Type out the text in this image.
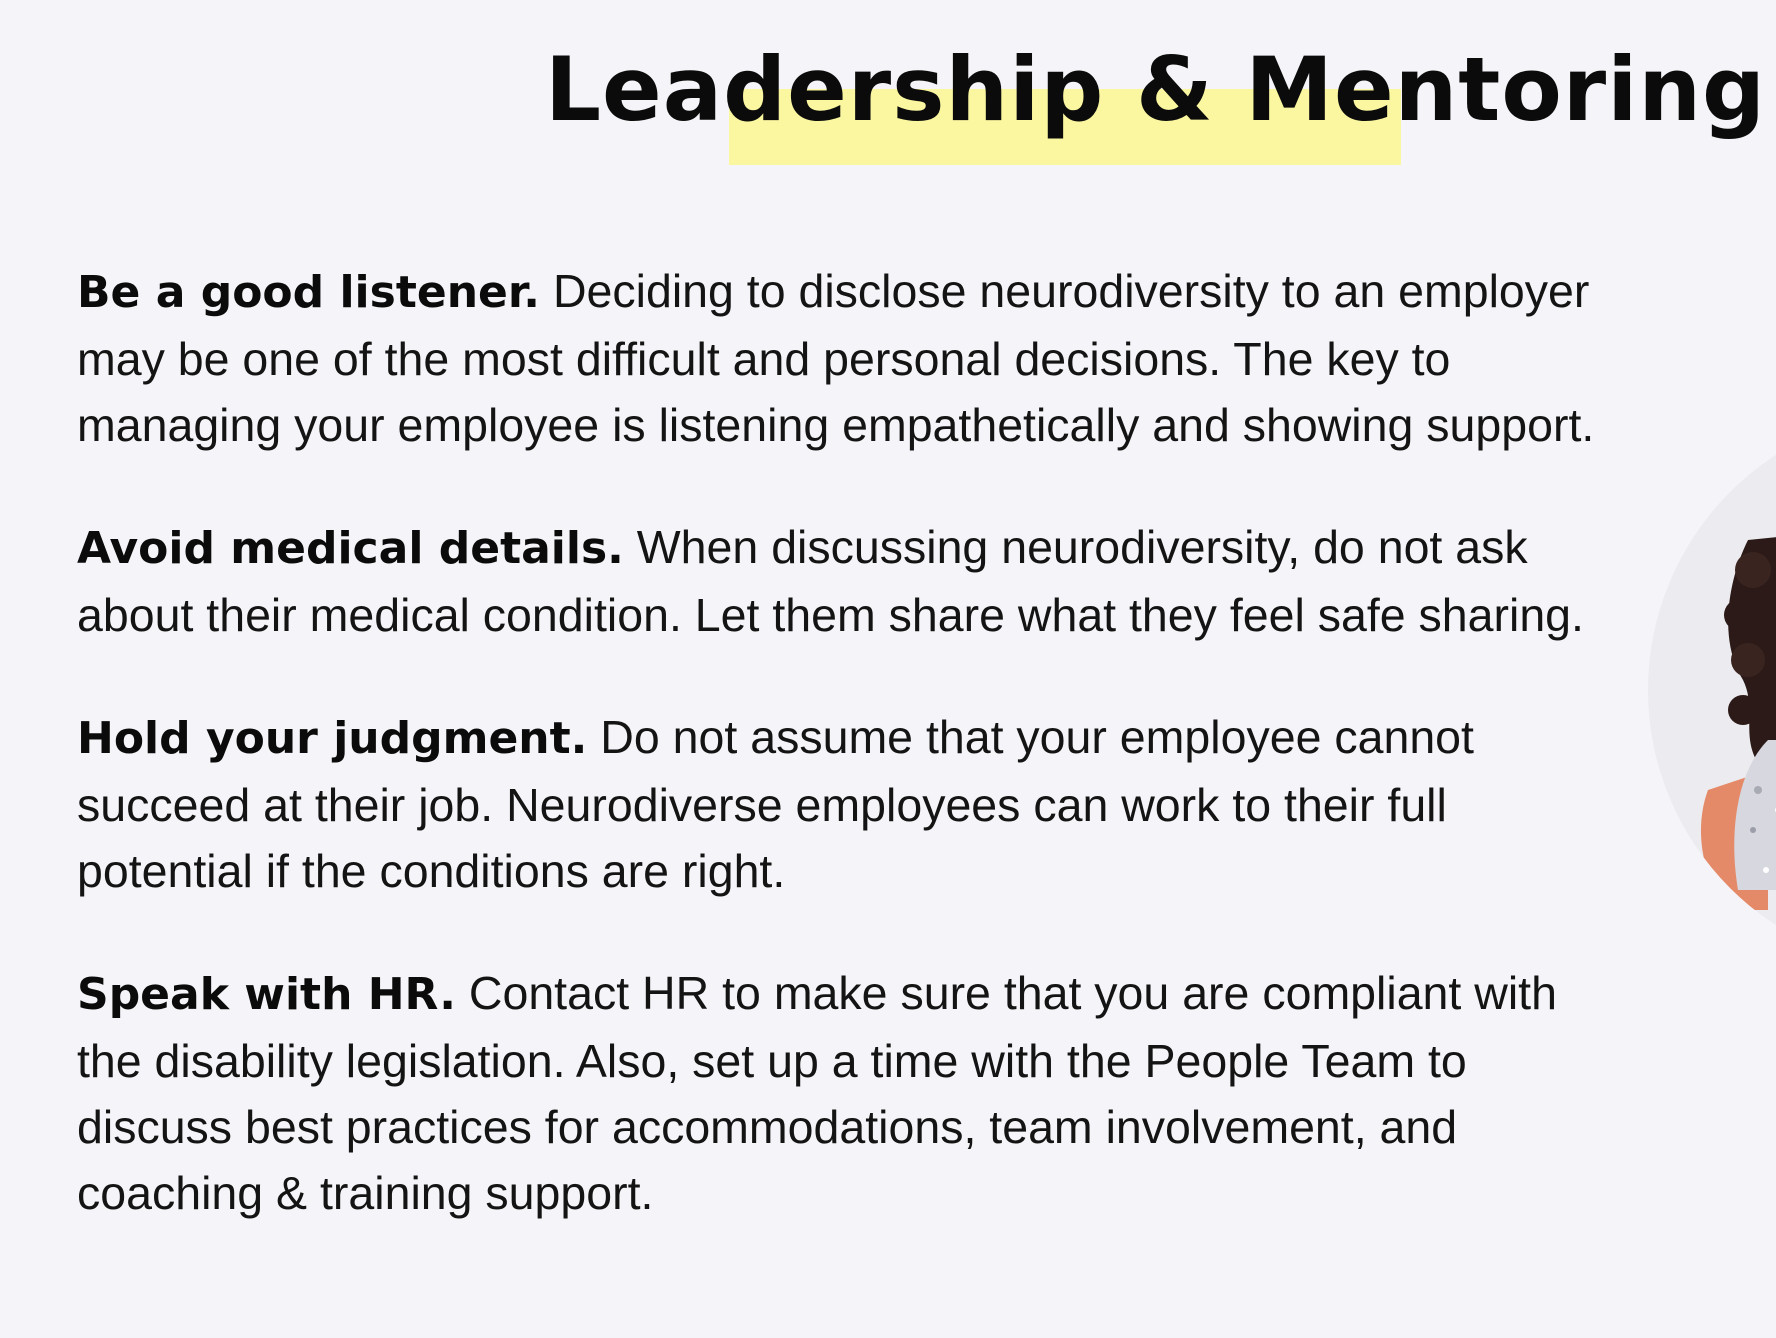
Leadership & Mentoring

Be a good listener. Deciding to disclose neurodiversity to an employer may be one of the most difficult and personal decisions. The key to managing your employee is listening empathetically and showing support.

Avoid medical details. When discussing neurodiversity, do not ask about their medical condition. Let them share what they feel safe sharing.

Hold your judgment. Do not assume that your employee cannot succeed at their job. Neurodiverse employees can work to their full potential if the conditions are right.

Speak with HR. Contact HR to make sure that you are compliant with the disability legislation. Also, set up a time with the People Team to discuss best practices for accommodations, team involvement, and coaching & training support.
